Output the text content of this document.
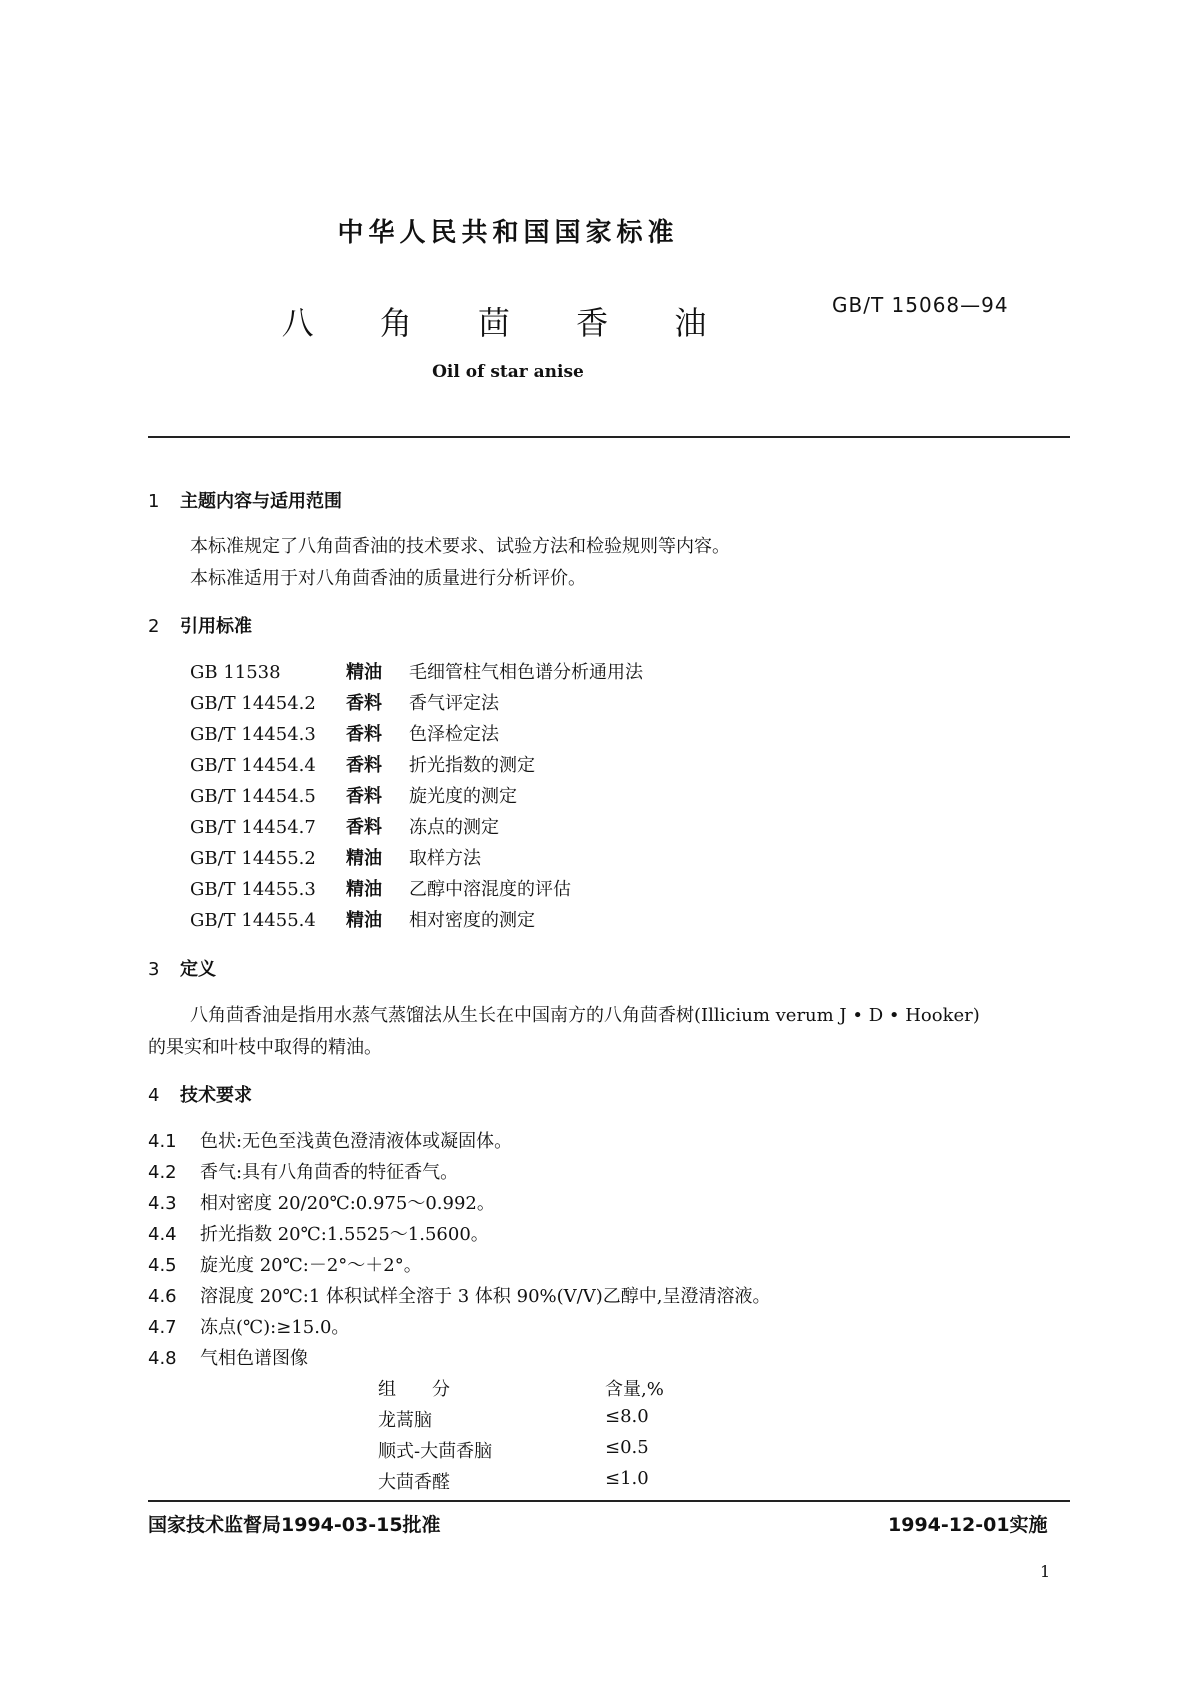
中华人民共和国国家标准
八 角 茴 香 油
Oil of star anise
GB/T 15068—94
1 主题内容与适用范围
本标准规定了八角茴香油的技术要求、试验方法和检验规则等内容。
本标准适用于对八角茴香油的质量进行分析评价。
2 引用标准
GB 11538	精油 毛细管柱气相色谱分析通用法
GB/T 14454.2 香料 香气评定法
GB/T 14454.3 香料 色泽检定法
GB/T 14454.4 香料 折光指数的测定
GB/T 14454.5 香料 旋光度的测定
GB/T 14454.7 香料 冻点的测定
GB/T 14455.2 精油 取样方法
GB/T 14455.3 精油 乙醇中溶混度的评估
GB/T 14455.4 精油 相对密度的测定
3 定义
八角茴香油是指用水蒸气蒸馏法从生长在中国南方的八角茴香树(Illicium verum J • D • Hooker)
的果实和叶枝中取得的精油。
4 技术要求
4.1 色状:无色至浅黄色澄清液体或凝固体。
4.2 香气:具有八角茴香的特征香气。
4.3 相对密度 20/20℃:0.975～0.992。
4.4 折光指数 20℃:1.5525～1.5600。
4.5 旋光度 20℃:－2°～＋2°。
4.6 溶混度 20℃:1 体积试样全溶于 3 体积 90%(V/V)乙醇中,呈澄清溶液。
4.7 冻点(℃):≥15.0。
4.8 气相色谱图像
组　　分	含量,%
龙蒿脑	≤8.0
顺式-大茴香脑	≤0.5
大茴香醛	≤1.0
国家技术监督局1994-03-15批准	1994-12-01实施
1
